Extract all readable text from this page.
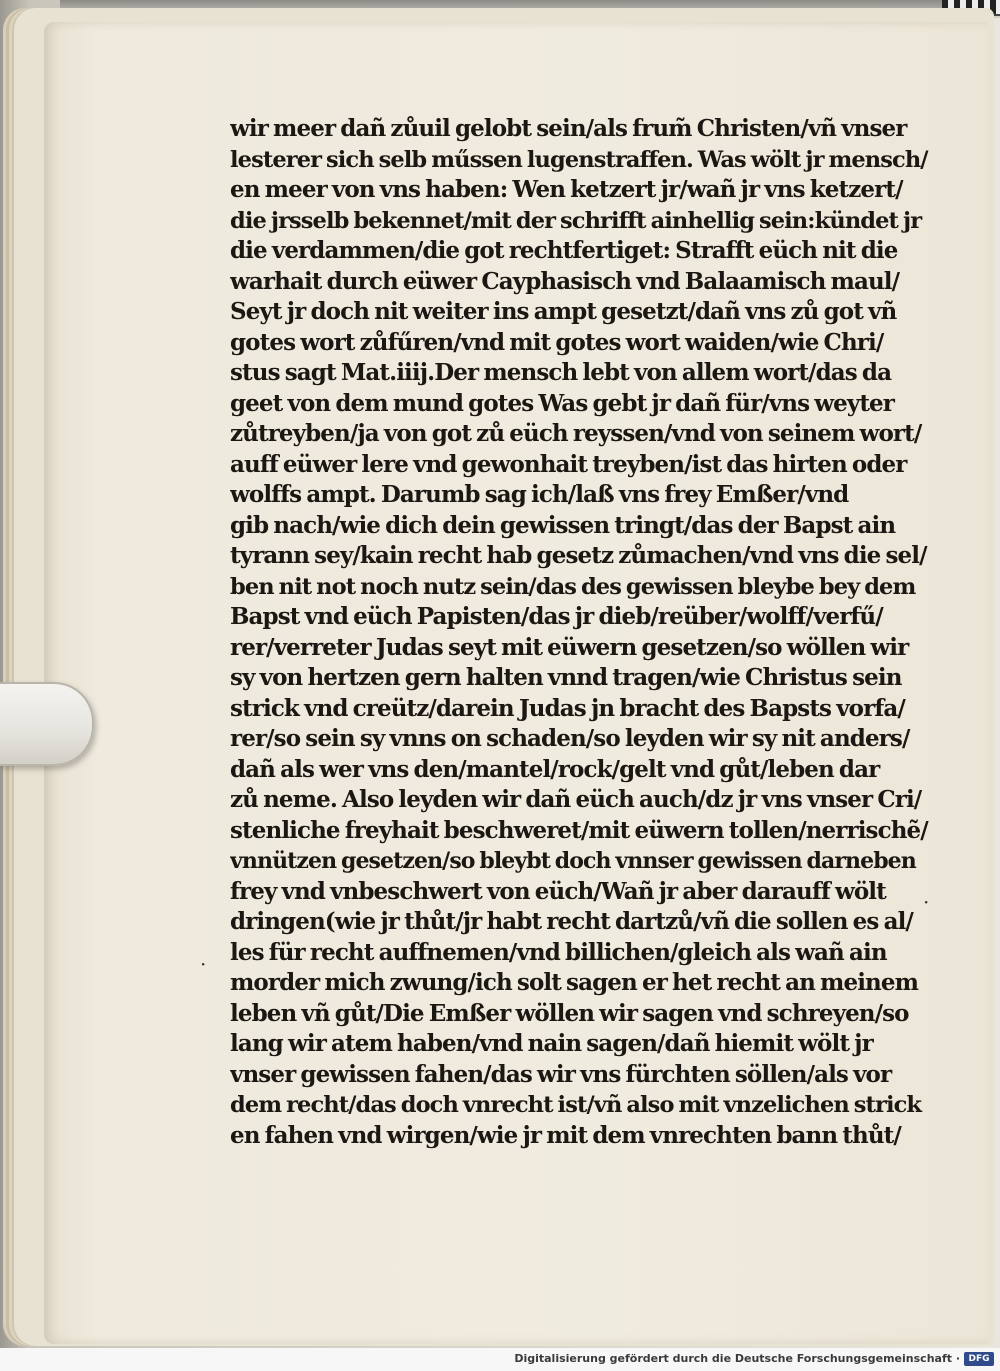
wir meer dañ zůuil gelobt sein/als frum̃ Christen/vñ vnser
lesterer sich selb műssen lugenstraffen. Was wölt jr mensch/
en meer von vns haben: Wen ketzert jr/wañ jr vns ketzert/
die jrsselb bekennet/mit der schrifft ainhellig sein:kündet jr
die verdammen/die got rechtfertiget: Strafft eüch nit die
warhait durch eüwer Cayphasisch vnd Balaamisch maul/
Seyt jr doch nit weiter ins ampt gesetzt/dañ vns zů got vñ
gotes wort zůfűren/vnd mit gotes wort waiden/wie Chri/
stus sagt Mat.iiij.Der mensch lebt von allem wort/das da
geet von dem mund gotes Was gebt jr dañ für/vns weyter
zůtreyben/ja von got zů eüch reyssen/vnd von seinem wort/
auff eüwer lere vnd gewonhait treyben/ist das hirten oder
wolffs ampt. Darumb sag ich/laß vns frey Emßer/vnd
gib nach/wie dich dein gewissen tringt/das der Bapst ain
tyrann sey/kain recht hab gesetz zůmachen/vnd vns die sel/
ben nit not noch nutz sein/das des gewissen bleybe bey dem
Bapst vnd eüch Papisten/das jr dieb/reüber/wolff/verfű/
rer/verreter Judas seyt mit eüwern gesetzen/so wöllen wir
sy von hertzen gern halten vnnd tragen/wie Christus sein
strick vnd creütz/darein Judas jn bracht des Bapsts vorfa/
rer/so sein sy vnns on schaden/so leyden wir sy nit anders/
dañ als wer vns den/mantel/rock/gelt vnd gůt/leben dar
zů neme. Also leyden wir dañ eüch auch/dz jr vns vnser Cri/
stenliche freyhait beschweret/mit eüwern tollen/nerrischẽ/
vnnützen gesetzen/so bleybt doch vnnser gewissen darneben
frey vnd vnbeschwert von eüch/Wañ jr aber darauff wölt
dringen(wie jr thůt/jr habt recht dartzů/vñ die sollen es al/
les für recht auffnemen/vnd billichen/gleich als wañ ain
morder mich zwung/ich solt sagen er het recht an meinem
leben vñ gůt/Die Emßer wöllen wir sagen vnd schreyen/so
lang wir atem haben/vnd nain sagen/dañ hiemit wölt jr
vnser gewissen fahen/das wir vns fürchten söllen/als vor
dem recht/das doch vnrecht ist/vñ also mit vnzelichen strick
en fahen vnd wirgen/wie jr mit dem vnrechten bann thůt/
·
·
Digitalisierung gefördert durch die Deutsche Forschungsgemeinschaft · DFG
